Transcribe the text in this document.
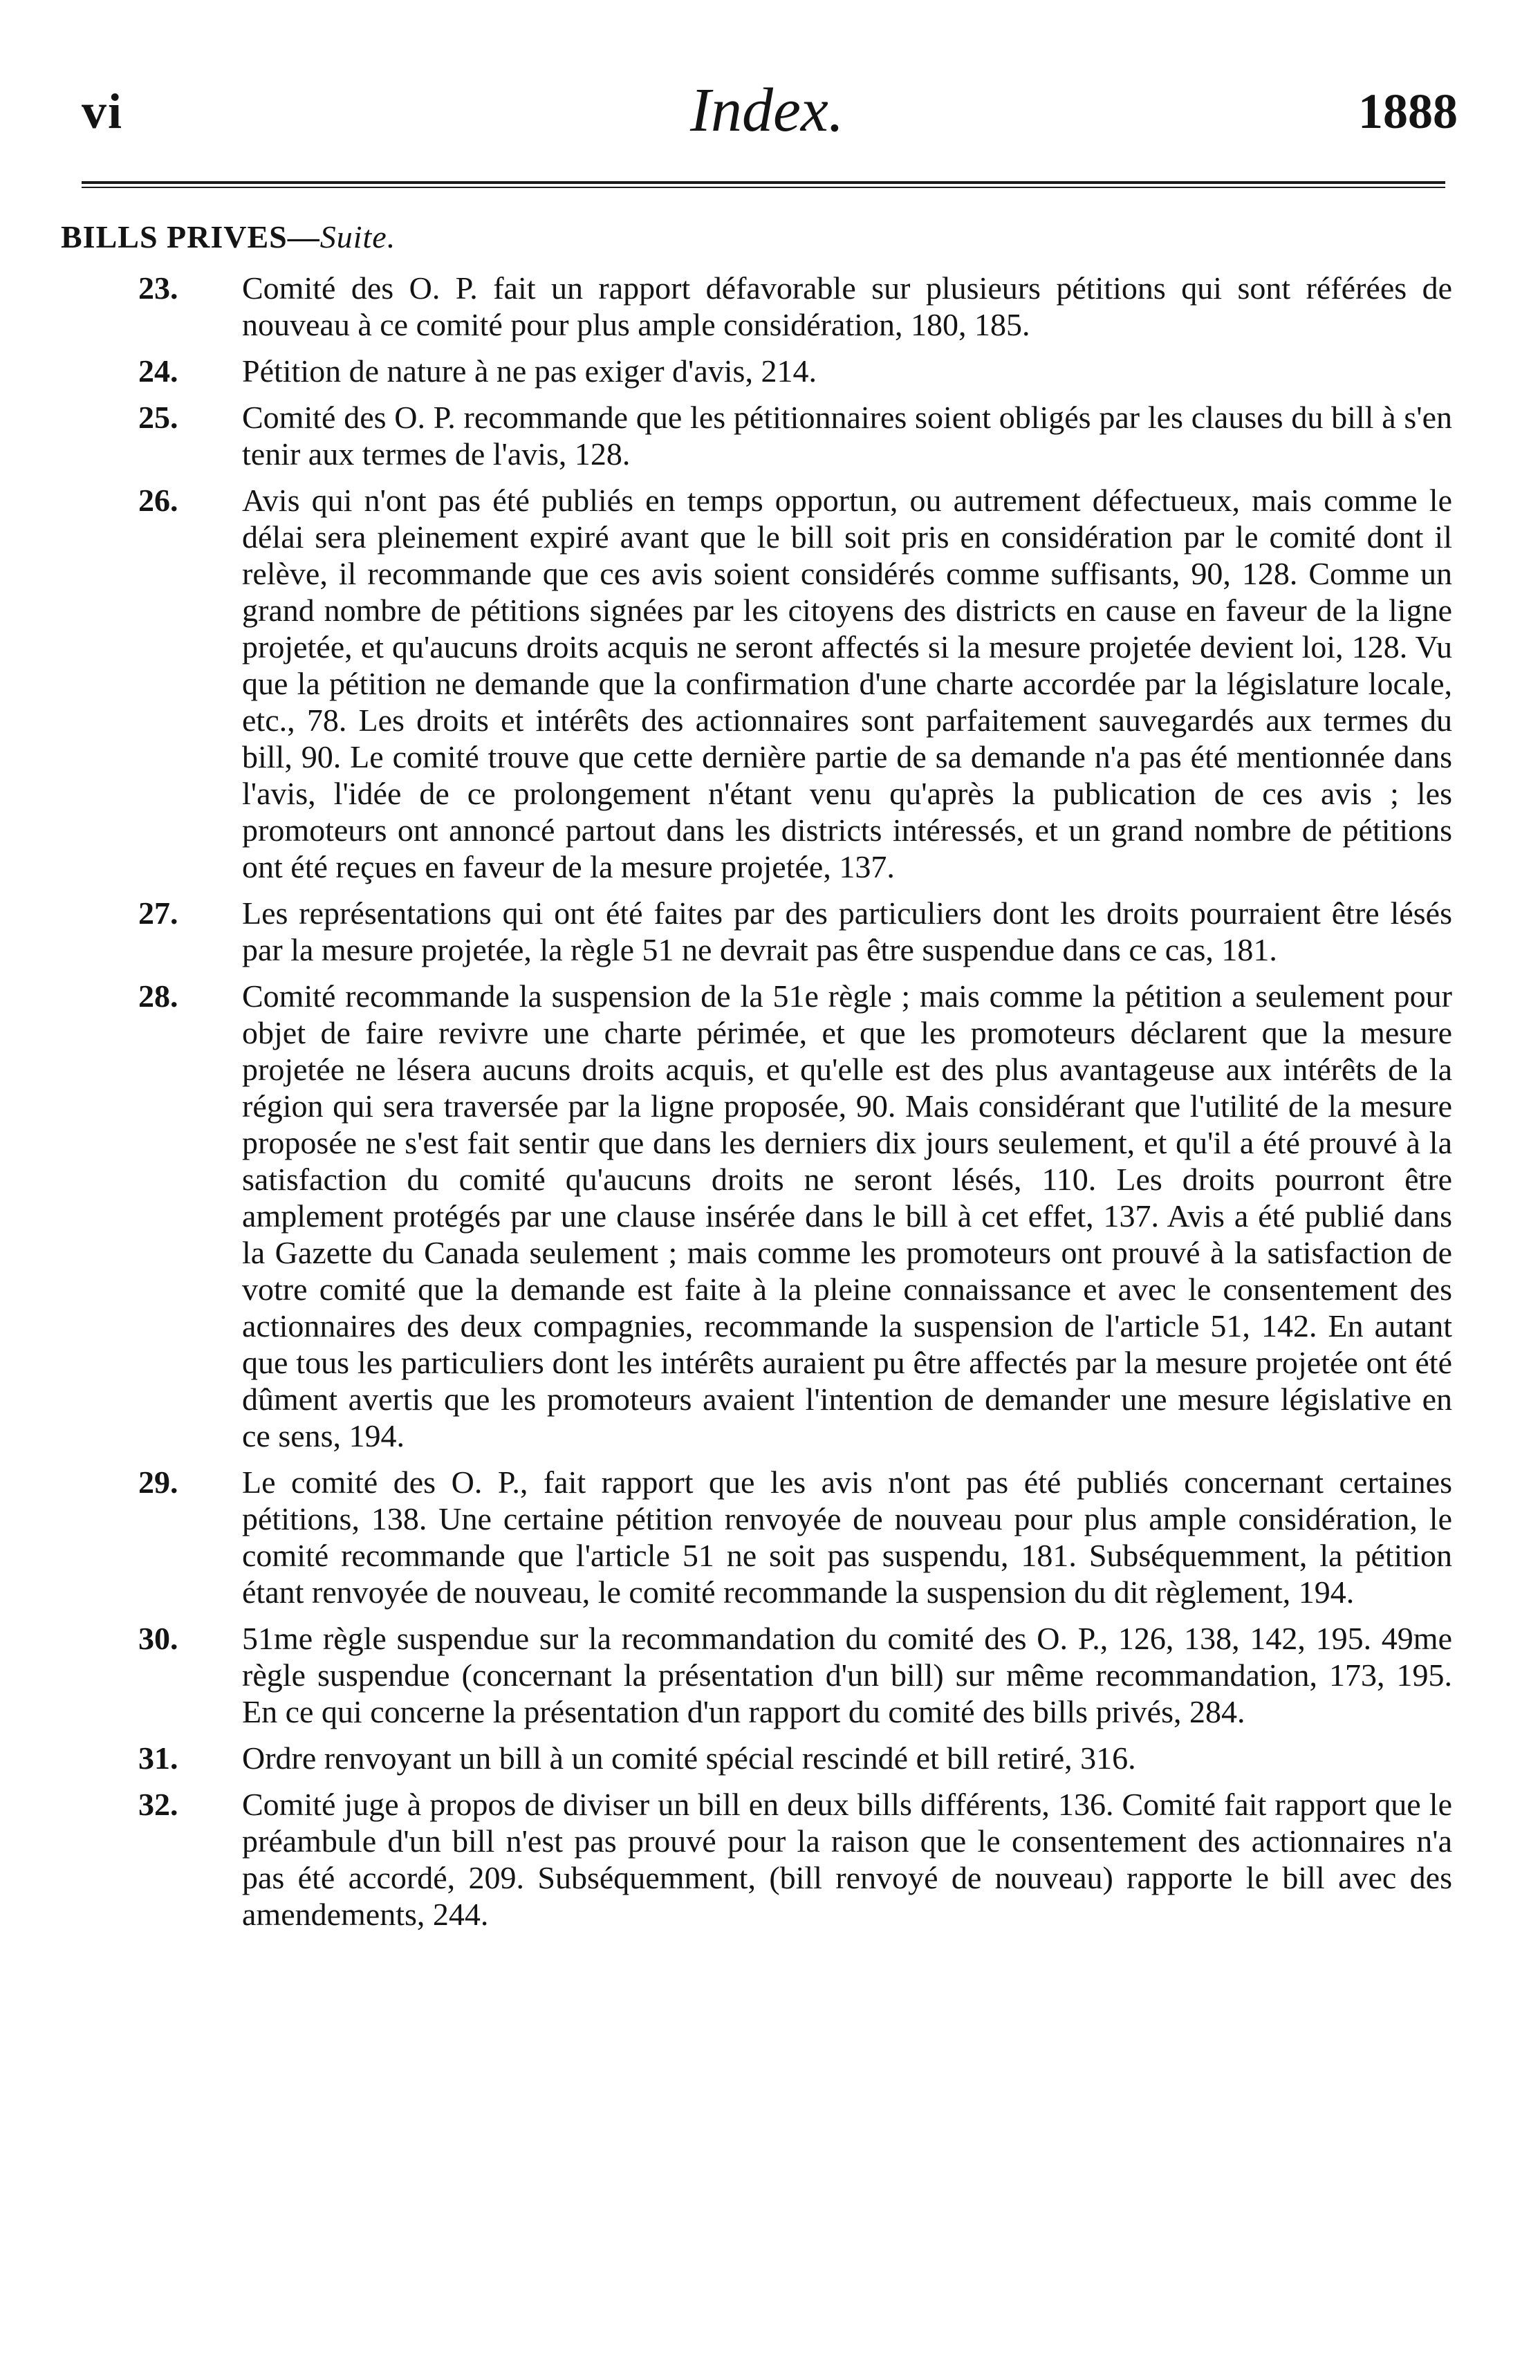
vi	Index.	1888
BILLS PRIVES—Suite.
23. Comité des O. P. fait un rapport défavorable sur plusieurs pétitions qui sont référées de nouveau à ce comité pour plus ample considération, 180, 185.
24. Pétition de nature à ne pas exiger d'avis, 214.
25. Comité des O. P. recommande que les pétitionnaires soient obligés par les clauses du bill à s'en tenir aux termes de l'avis, 128.
26. Avis qui n'ont pas été publiés en temps opportun, ou autrement défectueux, mais comme le délai sera pleinement expiré avant que le bill soit pris en considération par le comité dont il relève, il recommande que ces avis soient considérés comme suffisants, 90, 128. Comme un grand nombre de pétitions signées par les citoyens des districts en cause en faveur de la ligne projetée, et qu'aucuns droits acquis ne seront affectés si la mesure projetée devient loi, 128. Vu que la pétition ne demande que la confirmation d'une charte accordée par la législature locale, etc., 78. Les droits et intérêts des actionnaires sont parfaitement sauvegardés aux termes du bill, 90. Le comité trouve que cette dernière partie de sa demande n'a pas été mentionnée dans l'avis, l'idée de ce prolongement n'étant venu qu'après la publication de ces avis ; les promoteurs ont annoncé partout dans les districts intéressés, et un grand nombre de pétitions ont été reçues en faveur de la mesure projetée, 137.
27. Les représentations qui ont été faites par des particuliers dont les droits pourraient être lésés par la mesure projetée, la règle 51 ne devrait pas être suspendue dans ce cas, 181.
28. Comité recommande la suspension de la 51e règle ; mais comme la pétition a seulement pour objet de faire revivre une charte périmée, et que les promoteurs déclarent que la mesure projetée ne lésera aucuns droits acquis, et qu'elle est des plus avantageuse aux intérêts de la région qui sera traversée par la ligne proposée, 90. Mais considérant que l'utilité de la mesure proposée ne s'est fait sentir que dans les derniers dix jours seulement, et qu'il a été prouvé à la satisfaction du comité qu'aucuns droits ne seront lésés, 110. Les droits pourront être amplement protégés par une clause insérée dans le bill à cet effet, 137. Avis a été publié dans la Gazette du Canada seulement ; mais comme les promoteurs ont prouvé à la satisfaction de votre comité que la demande est faite à la pleine connaissance et avec le consentement des actionnaires des deux compagnies, recommande la suspension de l'article 51, 142. En autant que tous les particuliers dont les intérêts auraient pu être affectés par la mesure projetée ont été dûment avertis que les promoteurs avaient l'intention de demander une mesure législative en ce sens, 194.
29. Le comité des O. P., fait rapport que les avis n'ont pas été publiés concernant certaines pétitions, 138. Une certaine pétition renvoyée de nouveau pour plus ample considération, le comité recommande que l'article 51 ne soit pas suspendu, 181. Subséquemment, la pétition étant renvoyée de nouveau, le comité recommande la suspension du dit règlement, 194.
30. 51me règle suspendue sur la recommandation du comité des O. P., 126, 138, 142, 195. 49me règle suspendue (concernant la présentation d'un bill) sur même recommandation, 173, 195. En ce qui concerne la présentation d'un rapport du comité des bills privés, 284.
31. Ordre renvoyant un bill à un comité spécial rescindé et bill retiré, 316.
32. Comité juge à propos de diviser un bill en deux bills différents, 136. Comité fait rapport que le préambule d'un bill n'est pas prouvé pour la raison que le consentement des actionnaires n'a pas été accordé, 209. Subséquemment, (bill renvoyé de nouveau) rapporte le bill avec des amendements, 244.
